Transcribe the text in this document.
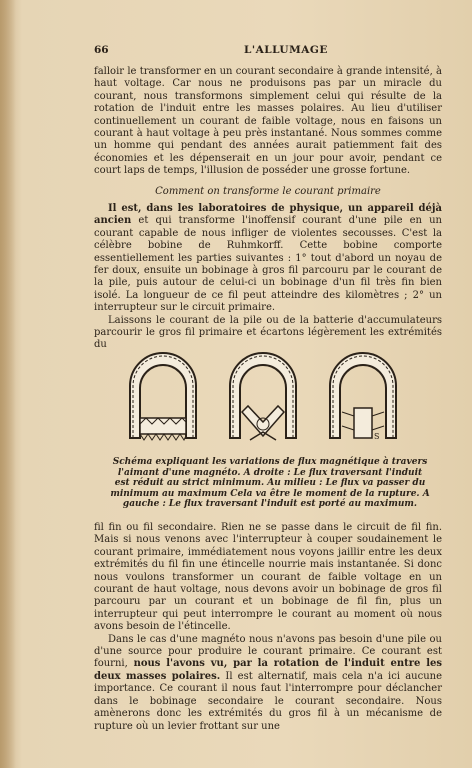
66	L'ALLUMAGE

falloir le transformer en un courant secondaire à grande intensité, à haut voltage. Car nous ne produisons pas par un miracle du courant, nous transformons simplement celui qui résulte de la rotation de l'induit entre les masses polaires. Au lieu d'utiliser continuellement un courant de faible voltage, nous en faisons un courant à haut voltage à peu près instantané. Nous sommes comme un homme qui pendant des années aurait patiemment fait des économies et les dépenserait en un jour pour avoir, pendant ce court laps de temps, l'illusion de posséder une grosse fortune.

Comment on transforme le courant primaire

Il est, dans les laboratoires de physique, un appareil déjà ancien et qui transforme l'inoffensif courant d'une pile en un courant capable de nous infliger de violentes secousses. C'est la célèbre bobine de Ruhmkorff. Cette bobine comporte essentiellement les parties suivantes : 1° tout d'abord un noyau de fer doux, ensuite un bobinage à gros fil parcouru par le courant de la pile, puis autour de celui-ci un bobinage d'un fil très fin bien isolé. La longueur de ce fil peut atteindre des kilomètres ; 2° un interrupteur sur le circuit primaire.

Laissons le courant de la pile ou de la batterie d'accumulateurs parcourir le gros fil primaire et écartons légèrement les extrémités du

S
Schéma expliquant les variations de flux magnétique à travers l'aimant d'une magnéto. A droite : Le flux traversant l'induit est réduit au strict minimum. Au milieu : Le flux va passer du minimum au maximum Cela va être le moment de la rupture. A gauche : Le flux traversant l'induit est porté au maximum.

fil fin ou fil secondaire. Rien ne se passe dans le circuit de fil fin. Mais si nous venons avec l'interrupteur à couper soudainement le courant primaire, immédiatement nous voyons jaillir entre les deux extrémités du fil fin une étincelle nourrie mais instantanée. Si donc nous voulons transformer un courant de faible voltage en un courant de haut voltage, nous devons avoir un bobinage de gros fil parcouru par un courant et un bobinage de fil fin, plus un interrupteur qui peut interrompre le courant au moment où nous avons besoin de l'étincelle.

Dans le cas d'une magnéto nous n'avons pas besoin d'une pile ou d'une source pour produire le courant primaire. Ce courant est fourni, nous l'avons vu, par la rotation de l'induit entre les deux masses polaires. Il est alternatif, mais cela n'a ici aucune importance. Ce courant il nous faut l'interrompre pour déclancher dans le bobinage secondaire le courant secondaire. Nous amènerons donc les extrémités du gros fil à un mécanisme de rupture où un levier frottant sur une
